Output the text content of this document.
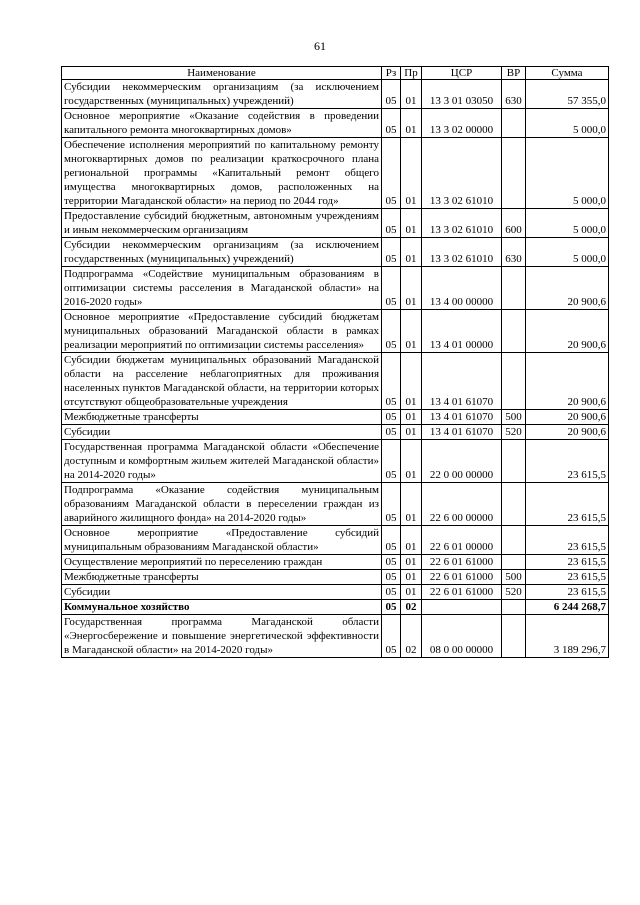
61
Наименование	Рз	Пр	ЦСР	ВР	Сумма
Субсидии некоммерческим организациям (за исключением государственных (муниципальных) учреждений)	05	01	13 3 01 03050	630	57 355,0
Основное мероприятие «Оказание содействия в проведении капитального ремонта многоквартирных домов»	05	01	13 3 02 00000		5 000,0
Обеспечение исполнения мероприятий по капитальному ремонту многоквартирных домов по реализации краткосрочного плана региональной программы «Капитальный ремонт общего имущества многоквартирных домов, расположенных на территории Магаданской области» на период по 2044 год»	05	01	13 3 02 61010		5 000,0
Предоставление субсидий бюджетным, автономным учреждениям и иным некоммерческим организациям	05	01	13 3 02 61010	600	5 000,0
Субсидии некоммерческим организациям (за исключением государственных (муниципальных) учреждений)	05	01	13 3 02 61010	630	5 000,0
Подпрограмма «Содействие муниципальным образованиям в оптимизации системы расселения в Магаданской области» на 2016-2020 годы»	05	01	13 4 00 00000		20 900,6
Основное мероприятие «Предоставление субсидий бюджетам муниципальных образований Магаданской области в рамках реализации мероприятий по оптимизации системы расселения»	05	01	13 4 01 00000		20 900,6
Субсидии бюджетам муниципальных образований Магаданской области на расселение неблагоприятных для проживания населенных пунктов Магаданской области, на территории которых отсутствуют общеобразовательные учреждения	05	01	13 4 01 61070		20 900,6
Межбюджетные трансферты	05	01	13 4 01 61070	500	20 900,6
Субсидии	05	01	13 4 01 61070	520	20 900,6
Государственная программа Магаданской области «Обеспечение доступным и комфортным жильем жителей Магаданской области» на 2014-2020 годы»	05	01	22 0 00 00000		23 615,5
Подпрограмма «Оказание содействия муниципальным образованиям Магаданской области в переселении граждан из аварийного жилищного фонда» на 2014-2020 годы»	05	01	22 6 00 00000		23 615,5
Основное мероприятие «Предоставление субсидий муниципальным образованиям Магаданской области»	05	01	22 6 01 00000		23 615,5
Осуществление мероприятий по переселению граждан	05	01	22 6 01 61000		23 615,5
Межбюджетные трансферты	05	01	22 6 01 61000	500	23 615,5
Субсидии	05	01	22 6 01 61000	520	23 615,5
Коммунальное хозяйство	05	02			6 244 268,7
Государственная программа Магаданской области «Энергосбережение и повышение энергетической эффективности в Магаданской области» на 2014-2020 годы»	05	02	08 0 00 00000		3 189 296,7
